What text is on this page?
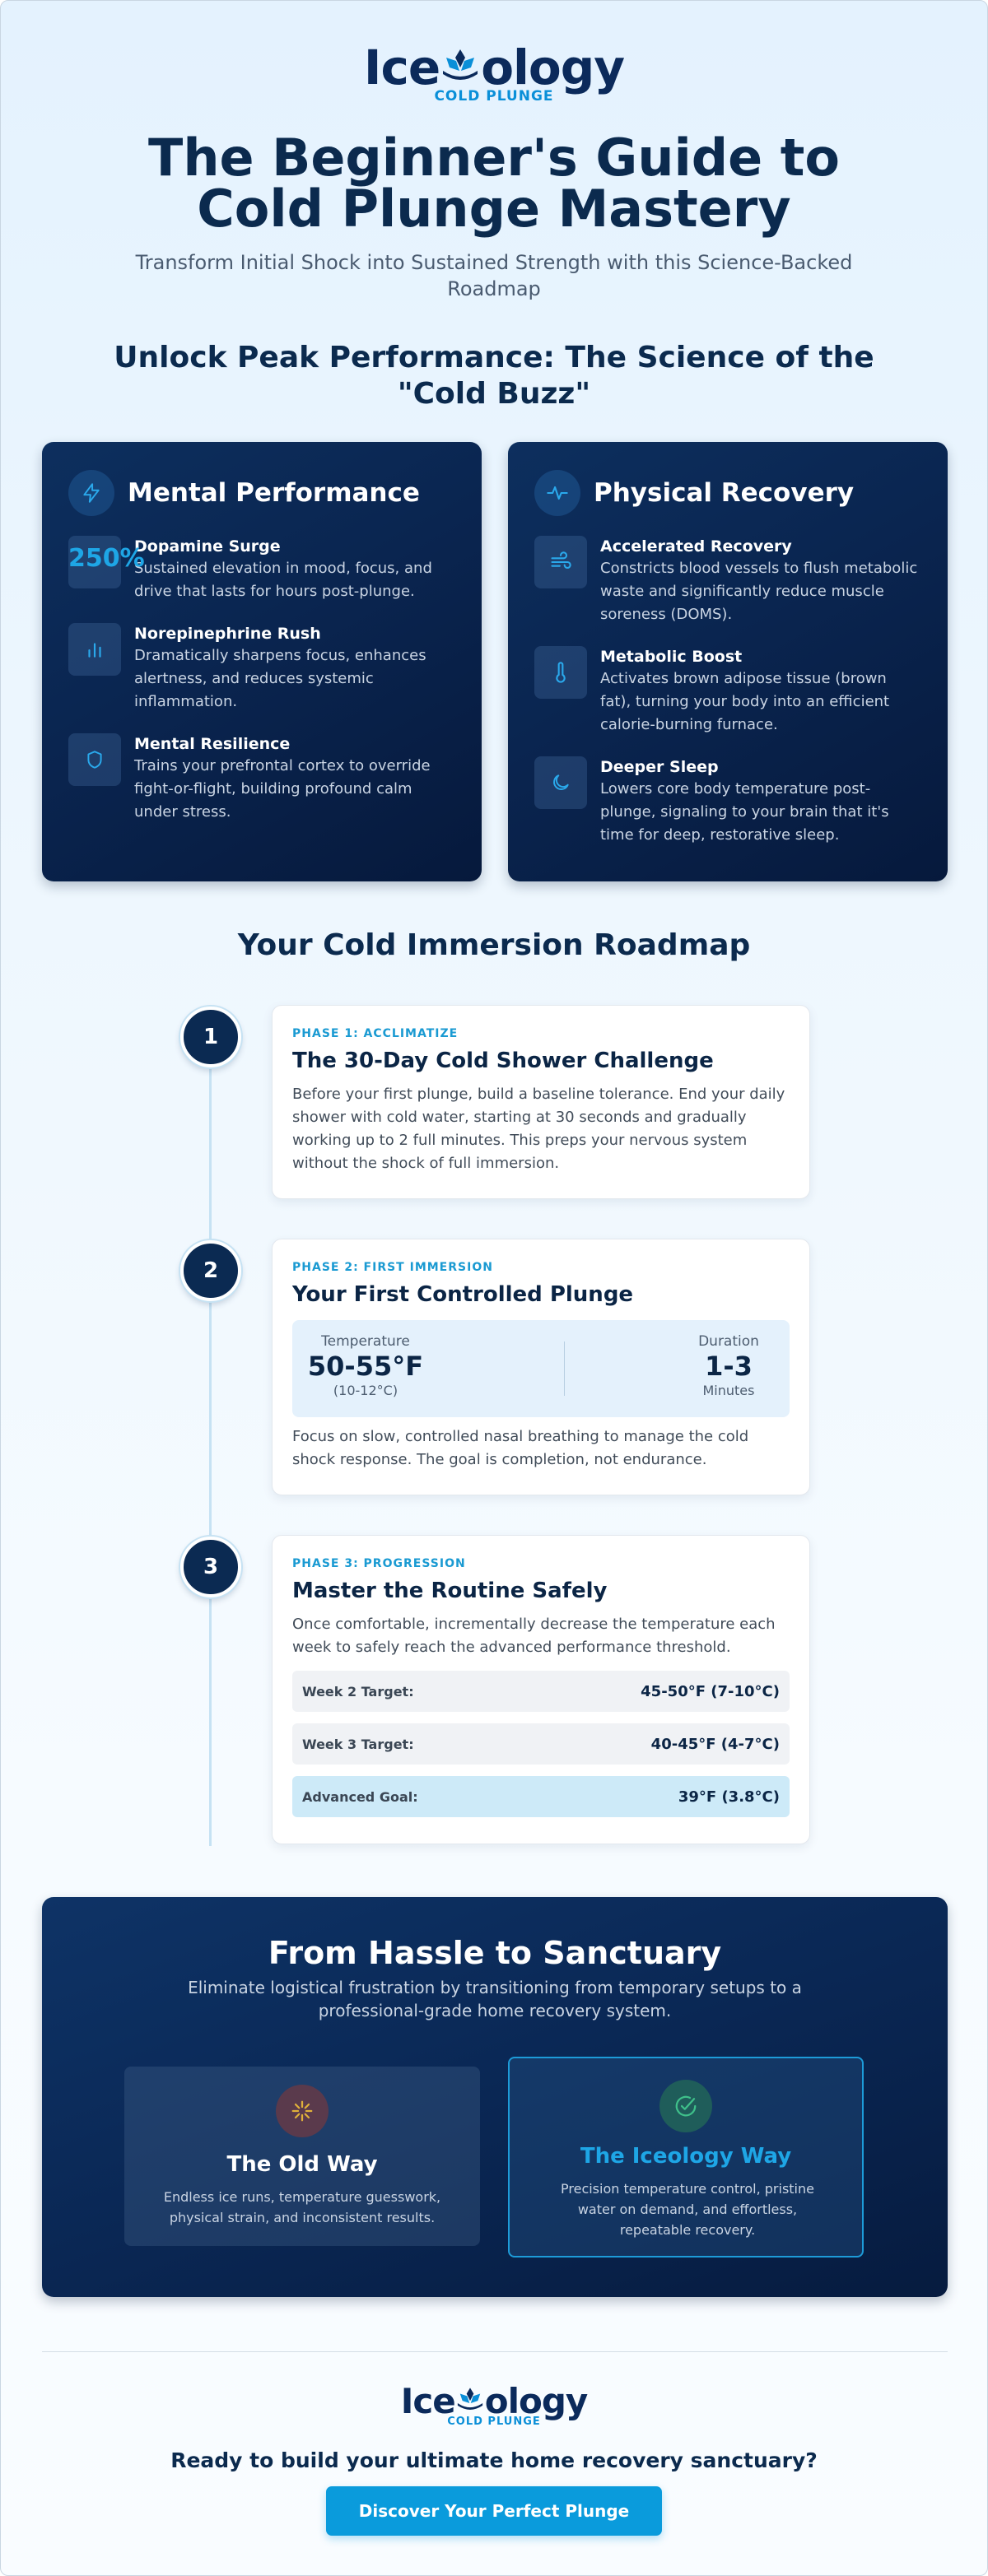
Ice ology
COLD PLUNGE
The Beginner's Guide to Cold Plunge Mastery

Transform Initial Shock into Sustained Strength with this Science-Backed Roadmap

Unlock Peak Performance: The Science of the "Cold Buzz"
Mental Performance
250%
Dopamine Surge
Sustained elevation in mood, focus, and drive that lasts for hours post-plunge.
Norepinephrine Rush
Dramatically sharpens focus, enhances alertness, and reduces systemic inflammation.
Mental Resilience
Trains your prefrontal cortex to override fight-or-flight, building profound calm under stress.
Physical Recovery
Accelerated Recovery
Constricts blood vessels to flush metabolic waste and significantly reduce muscle soreness (DOMS).
Metabolic Boost
Activates brown adipose tissue (brown fat), turning your body into an efficient calorie-burning furnace.
Deeper Sleep
Lowers core body temperature post-plunge, signaling to your brain that it's time for deep, restorative sleep.
Your Cold Immersion Roadmap
1	PHASE 1: ACCLIMATIZE
The 30-Day Cold Shower Challenge
Before your first plunge, build a baseline tolerance. End your daily shower with cold water, starting at 30 seconds and gradually working up to 2 full minutes. This preps your nervous system without the shock of full immersion.
2	PHASE 2: FIRST IMMERSION
Your First Controlled Plunge
Temperature
50-55°F
(10-12°C)
Duration
1-3
Minutes
Focus on slow, controlled nasal breathing to manage the cold shock response. The goal is completion, not endurance.
3	PHASE 3: PROGRESSION
Master the Routine Safely
Once comfortable, incrementally decrease the temperature each week to safely reach the advanced performance threshold.
Week 2 Target:	45-50°F (7-10°C)
Week 3 Target:	40-45°F (4-7°C)
Advanced Goal:	39°F (3.8°C)
From Hassle to Sanctuary
Eliminate logistical frustration by transitioning from temporary setups to a professional-grade home recovery system.
The Old Way
Endless ice runs, temperature guesswork, physical strain, and inconsistent results.
The Iceology Way
Precision temperature control, pristine water on demand, and effortless, repeatable recovery.
Ice ology
COLD PLUNGE
Ready to build your ultimate home recovery sanctuary?
Discover Your Perfect Plunge
